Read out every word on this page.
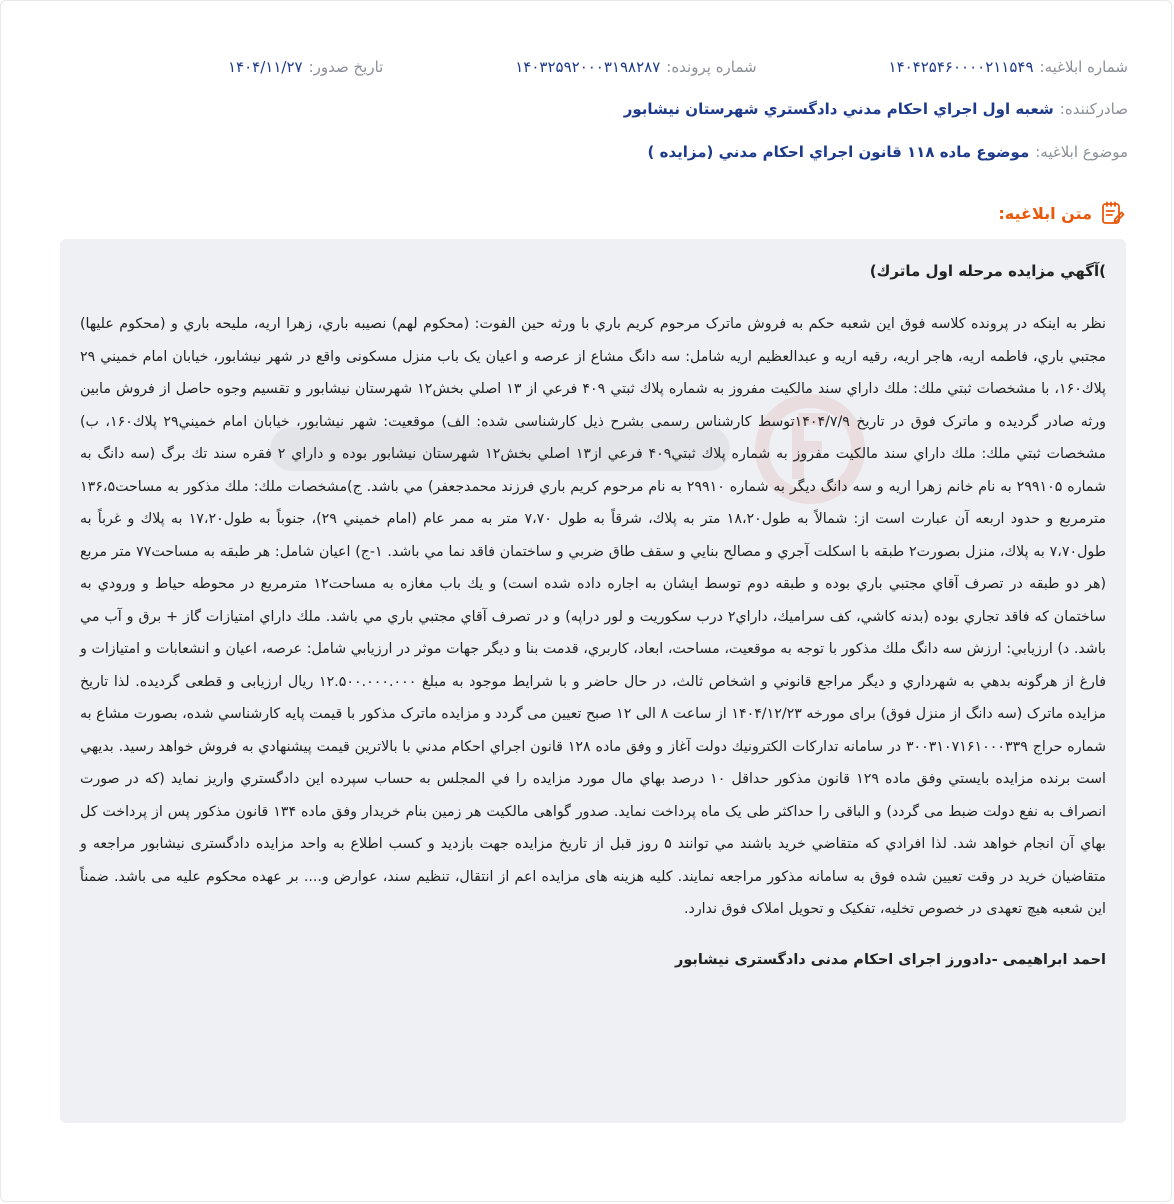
شماره ابلاغیه:
۱۴۰۴۲۵۴۶۰۰۰۰۲۱۱۵۴۹
شماره پرونده:
۱۴۰۳۲۵۹۲۰۰۰۳۱۹۸۲۸۷
تاریخ صدور:
۱۴۰۴/۱۱/۲۷
صادرکننده:
شعبه اول اجراي احكام مدني دادگستري شهرستان نيشابور
موضوع ابلاغیه:
موضوع ماده ۱۱۸ قانون اجراي احكام مدني (مزايده )
متن ابلاغیه:
)آگهي مزايده مرحله اول ماترك)

نظر به اینکه در پرونده كلاسه فوق اين شعبه حكم به فروش ماترک مرحوم كريم باري با ورثه حين الفوت: (محكوم لهم) نصيبه باري، زهرا اريه، مليحه باري و (محكوم عليها) مجتبي باري، فاطمه اريه، هاجر اريه، رقيه اريه و عبدالعظيم اريه شامل: سه دانگ مشاع از عرصه و اعيان یک باب منزل مسکونی واقع در شهر نيشابور، خيابان امام خميني ۲۹ پلاك۱۶۰، با مشخصات ثبتي ملك: ملك داراي سند مالكيت مفروز به شماره پلاك ثبتي ۴۰۹ فرعي از ۱۳ اصلي بخش۱۲ شهرستان نيشابور و تقسيم وجوه حاصل از فروش مابين ورثه صادر گرديده و ماترک فوق در تاریخ ۱۴۰۴/۷/۹توسط کارشناس رسمی بشرح ذيل كارشناسی شده: الف) موقعيت: شهر نيشابور، خيابان امام خميني۲۹ پلاك۱۶۰، ب) مشخصات ثبتي ملك: ملك داراي سند مالكيت مفروز به شماره پلاك ثبتي۴۰۹ فرعي از۱۳ اصلي بخش۱۲ شهرستان نيشابور بوده و داراي ۲ فقره سند تك برگ (سه دانگ به شماره ۲۹۹۱۰۵ به نام خانم زهرا اريه و سه دانگ ديگر به شماره ۲۹۹۱۰ به نام مرحوم كريم باري فرزند محمدجعفر) مي باشد. ج)مشخصات ملك: ملك مذكور به مساحت۱۳۶،۵ مترمربع و حدود اربعه آن عبارت است از: شمالاً به طول۱۸،۲۰ متر به پلاك، شرقاً به طول ۷،۷۰ متر به ممر عام (امام خميني ۲۹)، جنوباً به طول۱۷،۲۰ به پلاك و غرباً به طول۷،۷۰ به پلاك، منزل بصورت۲ طبقه با اسكلت آجري و مصالح بنايي و سقف طاق ضربي و ساختمان فاقد نما مي باشد. ۱-ج) اعيان شامل: هر طبقه به مساحت۷۷ متر مربع (هر دو طبقه در تصرف آقاي مجتبي باري بوده و طبقه دوم توسط ايشان به اجاره داده شده است) و يك باب مغازه به مساحت۱۲ مترمربع در محوطه حياط و ورودي به ساختمان كه فاقد تجاري بوده (بدنه كاشي، كف سراميك، داراي۲ درب سكوريت و لور دراپه) و در تصرف آقاي مجتبي باري مي باشد. ملك داراي امتيازات گاز + برق و آب مي باشد. د) ارزيابي: ارزش سه دانگ ملك مذكور با توجه به موقعيت، مساحت، ابعاد، كاربري، قدمت بنا و ديگر جهات موثر در ارزيابي شامل: عرصه، اعيان و انشعابات و امتيازات و فارغ از هرگونه بدهي به شهرداري و ديگر مراجع قانوني و اشخاص ثالث، در حال حاضر و با شرايط موجود به مبلغ ۱۲.۵۰۰.۰۰۰.۰۰۰ ريال ارزيابی و قطعی گرديده. لذا تاريخ مزايده ماترک (سه دانگ از منزل فوق) برای مورخه ۱۴۰۴/۱۲/۲۳ از ساعت ۸ الی ۱۲ صبح تعیین می گردد و مزايده ماترک مذكور با قيمت پايه كارشناسي شده، بصورت مشاع به شماره حراج ۳۰۰۳۱۰۷۱۶۱۰۰۰۳۳۹ در سامانه تداركات الكترونيك دولت آغاز و وفق ماده ۱۲۸ قانون اجراي احكام مدني با بالاترين قيمت پيشنهادي به فروش خواهد رسيد. بديهي است برنده مزايده بايستي وفق ماده ۱۲۹ قانون مذكور حداقل ۱۰ درصد بهاي مال مورد مزايده را في المجلس به حساب سپرده اين دادگستري واريز نمايد (كه در صورت انصراف به نفع دولت ضبط می گردد) و الباقی را حداكثر طی یک ماه پرداخت نمايد. صدور گواهی مالكيت هر زمين بنام خريدار وفق ماده ۱۳۴ قانون مذكور پس از پرداخت كل بهاي آن انجام خواهد شد. لذا افرادي كه متقاضي خريد باشند مي توانند ۵ روز قبل از تاريخ مزايده جهت بازديد و كسب اطلاع به واحد مزايده دادگستری نیشابور مراجعه و متقاضيان خريد در وقت تعيين شده فوق به سامانه مذکور مراجعه نمایند. کلیه هزینه های مزایده اعم از انتقال، تنظیم سند، عوارض و.... بر عهده محکوم علیه می باشد. ضمناً این شعبه هیچ تعهدی در خصوص تخلیه، تفکیک و تحویل املاک فوق ندارد.

احمد ابراهیمی -دادورز اجرای احکام مدنی دادگستری نیشابور
